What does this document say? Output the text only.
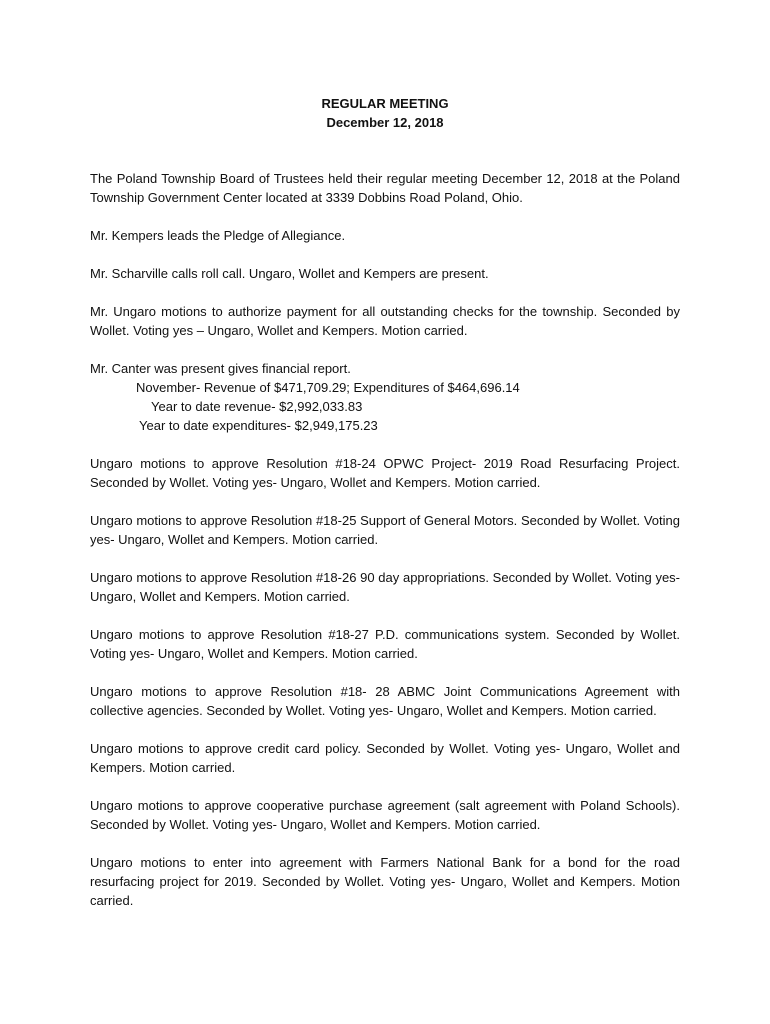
REGULAR MEETING
December 12, 2018

The Poland Township Board of Trustees held their regular meeting December 12, 2018 at the Poland Township Government Center located at 3339 Dobbins Road Poland, Ohio.

Mr. Kempers leads the Pledge of Allegiance.

Mr. Scharville calls roll call. Ungaro, Wollet and Kempers are present.

Mr. Ungaro motions to authorize payment for all outstanding checks for the township. Seconded by Wollet. Voting yes – Ungaro, Wollet and Kempers. Motion carried.

Mr. Canter was present gives financial report.
November- Revenue of $471,709.29; Expenditures of $464,696.14
Year to date revenue- $2,992,033.83
Year to date expenditures- $2,949,175.23

Ungaro motions to approve Resolution #18-24 OPWC Project- 2019 Road Resurfacing Project. Seconded by Wollet. Voting yes- Ungaro, Wollet and Kempers. Motion carried.

Ungaro motions to approve Resolution #18-25 Support of General Motors. Seconded by Wollet. Voting yes- Ungaro, Wollet and Kempers. Motion carried.

Ungaro motions to approve Resolution #18-26 90 day appropriations. Seconded by Wollet. Voting yes- Ungaro, Wollet and Kempers. Motion carried.

Ungaro motions to approve Resolution #18-27 P.D. communications system. Seconded by Wollet. Voting yes- Ungaro, Wollet and Kempers. Motion carried.

Ungaro motions to approve Resolution #18- 28 ABMC Joint Communications Agreement with collective agencies. Seconded by Wollet. Voting yes- Ungaro, Wollet and Kempers. Motion carried.

Ungaro motions to approve credit card policy. Seconded by Wollet. Voting yes- Ungaro, Wollet and Kempers. Motion carried.

Ungaro motions to approve cooperative purchase agreement (salt agreement with Poland Schools). Seconded by Wollet. Voting yes- Ungaro, Wollet and Kempers. Motion carried.

Ungaro motions to enter into agreement with Farmers National Bank for a bond for the road resurfacing project for 2019. Seconded by Wollet. Voting yes- Ungaro, Wollet and Kempers. Motion carried.
